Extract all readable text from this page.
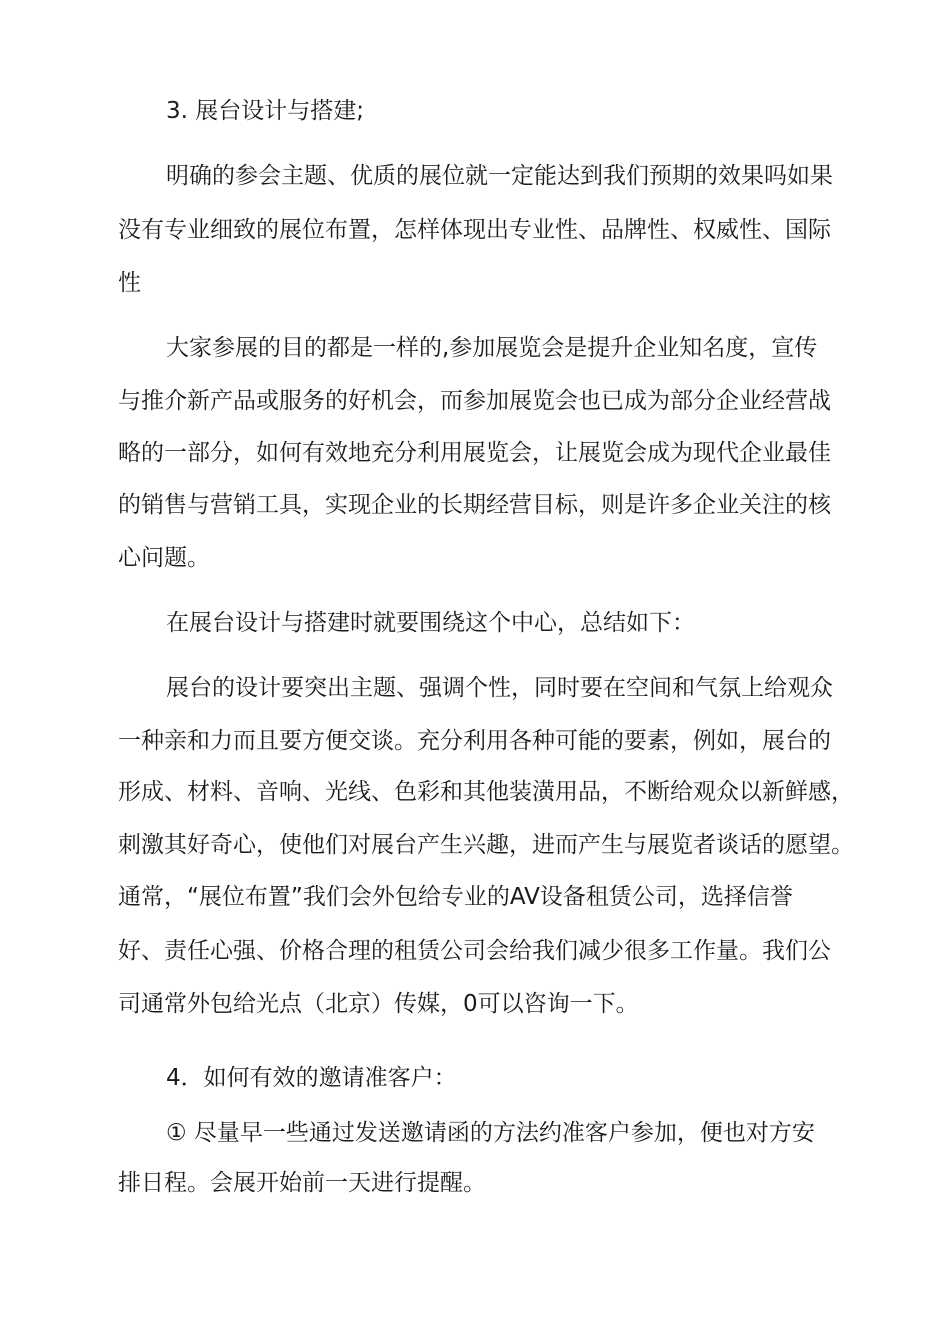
3. 展台设计与搭建;
明确的参会主题、优质的展位就一定能达到我们预期的效果吗如果
没有专业细致的展位布置，怎样体现出专业性、品牌性、权威性、国际
性
大家参展的目的都是一样的,参加展览会是提升企业知名度，宣传
与推介新产品或服务的好机会，而参加展览会也已成为部分企业经营战
略的一部分，如何有效地充分利用展览会，让展览会成为现代企业最佳
的销售与营销工具，实现企业的长期经营目标，则是许多企业关注的核
心问题。
在展台设计与搭建时就要围绕这个中心，总结如下：
展台的设计要突出主题、强调个性，同时要在空间和气氛上给观众
一种亲和力而且要方便交谈。充分利用各种可能的要素，例如，展台的
形成、材料、音响、光线、色彩和其他装潢用品，不断给观众以新鲜感，
刺激其好奇心，使他们对展台产生兴趣，进而产生与展览者谈话的愿望。
通常，“展位布置”我们会外包给专业的AV设备租赁公司，选择信誉
好、责任心强、价格合理的租赁公司会给我们减少很多工作量。我们公
司通常外包给光点（北京）传媒，0可以咨询一下。
4．如何有效的邀请准客户：
① 尽量早一些通过发送邀请函的方法约准客户参加，便也对方安
排日程。会展开始前一天进行提醒。
